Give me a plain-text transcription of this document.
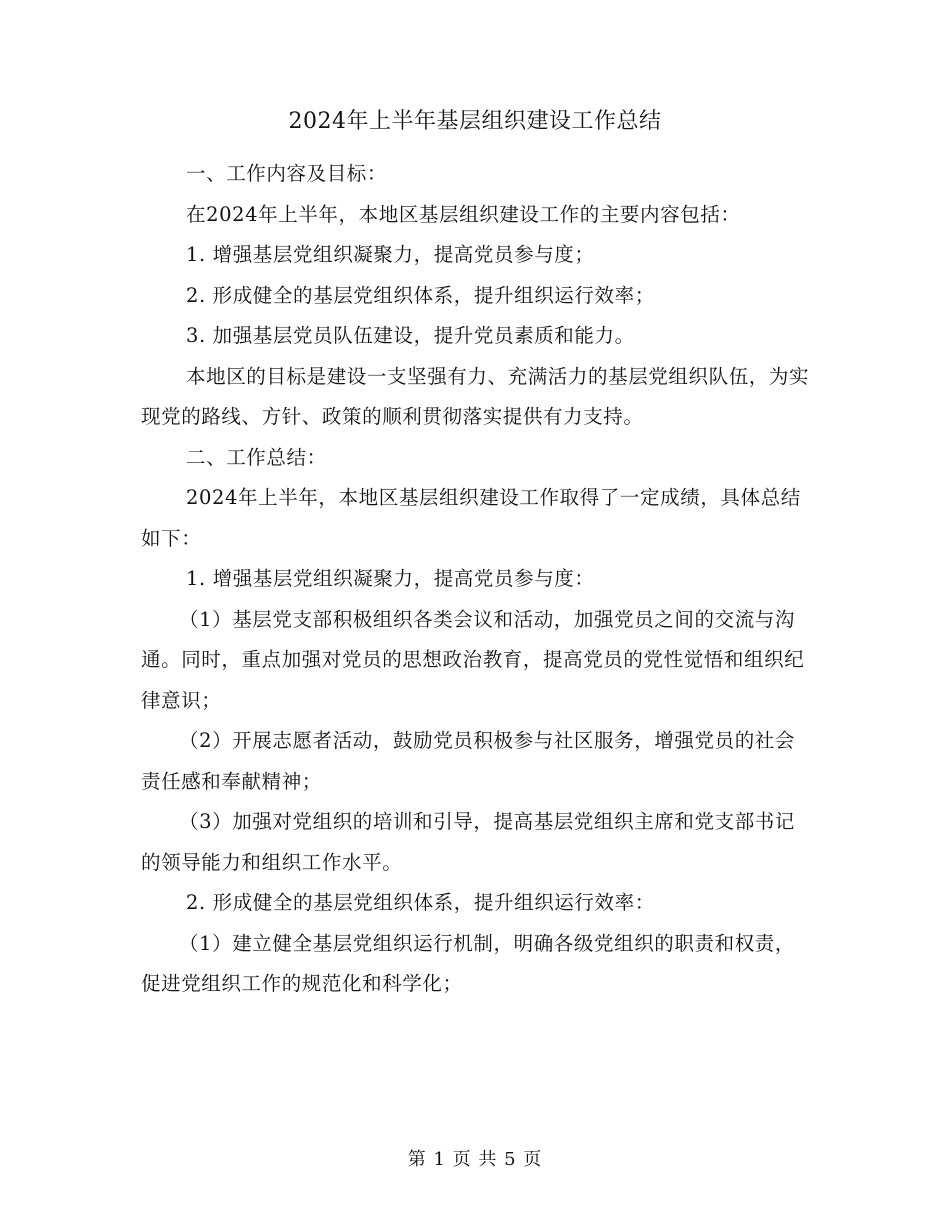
2024年上半年基层组织建设工作总结

一、工作内容及目标：

在2024年上半年，本地区基层组织建设工作的主要内容包括：

1. 增强基层党组织凝聚力，提高党员参与度；

2. 形成健全的基层党组织体系，提升组织运行效率；

3. 加强基层党员队伍建设，提升党员素质和能力。

本地区的目标是建设一支坚强有力、充满活力的基层党组织队伍，为实现党的路线、方针、政策的顺利贯彻落实提供有力支持。

二、工作总结：

2024年上半年，本地区基层组织建设工作取得了一定成绩，具体总结如下：

1. 增强基层党组织凝聚力，提高党员参与度：

（1）基层党支部积极组织各类会议和活动，加强党员之间的交流与沟通。同时，重点加强对党员的思想政治教育，提高党员的党性觉悟和组织纪律意识；

（2）开展志愿者活动，鼓励党员积极参与社区服务，增强党员的社会责任感和奉献精神；

（3）加强对党组织的培训和引导，提高基层党组织主席和党支部书记的领导能力和组织工作水平。

2. 形成健全的基层党组织体系，提升组织运行效率：

（1）建立健全基层党组织运行机制，明确各级党组织的职责和权责，促进党组织工作的规范化和科学化；

第 1 页 共 5 页
